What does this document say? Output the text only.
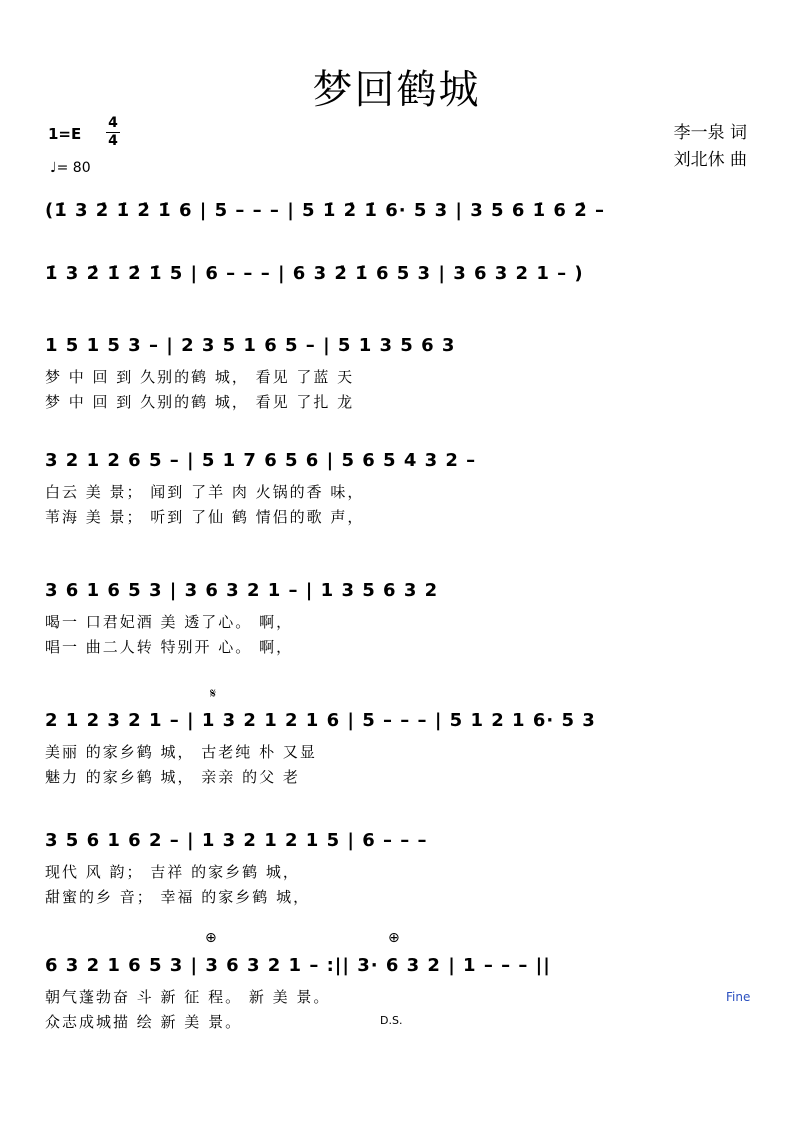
梦回鹤城
1=E
4
4
♩= 80
李一泉 词
刘北休 曲
(1̇ 3 2̇ 1̇ 2̇ 1̇ 6 | 5 – – – | 5 1̇ 2̇ 1̇ 6· 5 3 | 3 5 6 1̇ 6 2̇ –
1̇ 3 2̇ 1̇ 2̇ 1̇ 5 | 6 – – – | 6 3 2̇ 1̇ 6 5 3 | 3 6 3 2 1 – )
1 5 1 5 3 – | 2 3 5 1 6 5 – | 5 1 3 5 6 3
梦 中 回 到 久别的鹤 城， 看见 了蓝 天
梦 中 回 到 久别的鹤 城， 看见 了扎 龙
3 2 1 2 6 5 – | 5 1 7 6 5 6 | 5 6 5 4 3 2 –
白云 美 景； 闻到 了羊 肉 火锅的香 味，
苇海 美 景； 听到 了仙 鹤 情侣的歌 声，
3 6 1 6 5 3 | 3 6 3 2 1 – | 1 3 5 6 3 2
喝一 口君妃酒 美 透了心。 啊，
唱一 曲二人转 特别开 心。 啊，
2 1 2 3 2 1 – | 1 3 2 1 2 1 6 | 5 – – – | 5 1 2 1 6· 5 3
美丽 的家乡鹤 城， 古老纯 朴 又显
魅力 的家乡鹤 城， 亲亲 的父 老
3 5 6 1 6 2 – | 1 3 2 1 2 1 5 | 6 – – –
现代 风 韵； 吉祥 的家乡鹤 城，
甜蜜的乡 音； 幸福 的家乡鹤 城，
6 3 2 1 6 5 3 | 3 6 3 2 1 – :|| 3· 6 3 2 | 1 – – – ||
朝气蓬勃奋 斗 新 征 程。 新 美 景。
众志成城描 绘 新 美 景。
𝄋
⊕	⊕
Fine
D.S.
